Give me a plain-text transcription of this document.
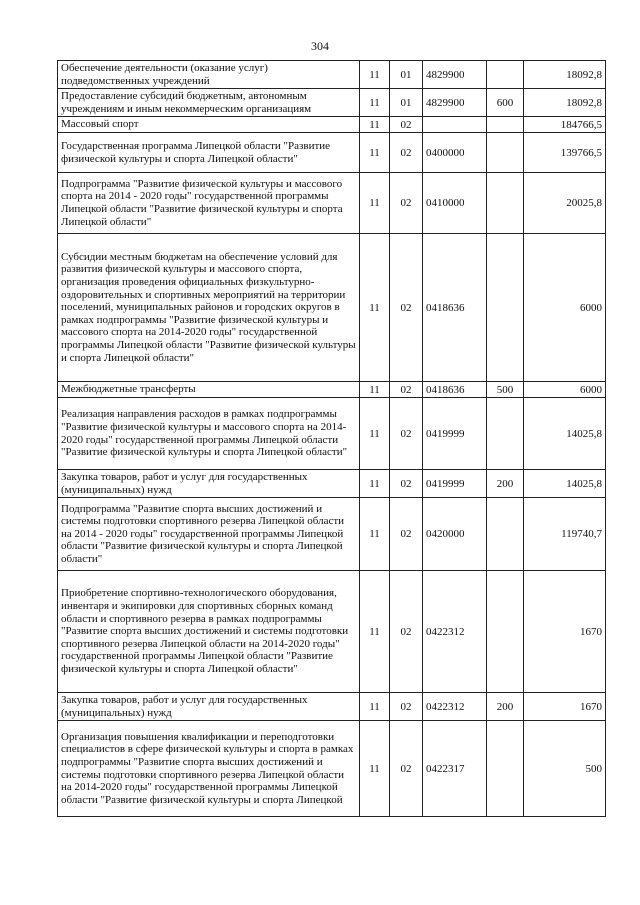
304
Обеспечение деятельности (оказание услуг) подведомственных учреждений	11	01	4829900		18092,8
Предоставление субсидий бюджетным, автономным учреждениям и иным некоммерческим организациям	11	01	4829900	600	18092,8
Массовый спорт	11	02			184766,5
Государственная программа Липецкой области "Развитие физической культуры и спорта Липецкой области"	11	02	0400000		139766,5
Подпрограмма "Развитие физической культуры и массового спорта на 2014 - 2020 годы" государственной программы Липецкой области "Развитие физической культуры и спорта Липецкой области"	11	02	0410000		20025,8
Субсидии местным бюджетам на обеспечение условий для развития физической культуры и массового спорта, организация проведения официальных физкультурно-оздоровительных и спортивных мероприятий на территории поселений, муниципальных районов и городских округов в рамках подпрограммы "Развитие физической культуры и массового спорта на 2014-2020 годы" государственной программы Липецкой области "Развитие физической культуры и спорта Липецкой области"	11	02	0418636		6000
Межбюджетные трансферты	11	02	0418636	500	6000
Реализация направления расходов в рамках подпрограммы "Развитие физической культуры и массового спорта на 2014-2020 годы" государственной программы Липецкой области "Развитие физической культуры и спорта Липецкой области"	11	02	0419999		14025,8
Закупка товаров, работ и услуг для государственных (муниципальных) нужд	11	02	0419999	200	14025,8
Подпрограмма "Развитие спорта высших достижений и системы подготовки спортивного резерва Липецкой области на 2014 - 2020 годы" государственной программы Липецкой области "Развитие физической культуры и спорта Липецкой области"	11	02	0420000		119740,7
Приобретение спортивно-технологического оборудования, инвентаря и экипировки для спортивных сборных команд области и спортивного резерва в рамках подпрограммы "Развитие спорта высших достижений и системы подготовки спортивного резерва Липецкой области на 2014-2020 годы" государственной программы Липецкой области "Развитие физической культуры и спорта Липецкой области"	11	02	0422312		1670
Закупка товаров, работ и услуг для государственных (муниципальных) нужд	11	02	0422312	200	1670
Организация повышения квалификации и переподготовки специалистов в сфере физической культуры и спорта в рамках подпрограммы "Развитие спорта высших достижений и системы подготовки спортивного резерва Липецкой области на 2014-2020 годы" государственной программы Липецкой области "Развитие физической культуры и спорта Липецкой	11	02	0422317		500
